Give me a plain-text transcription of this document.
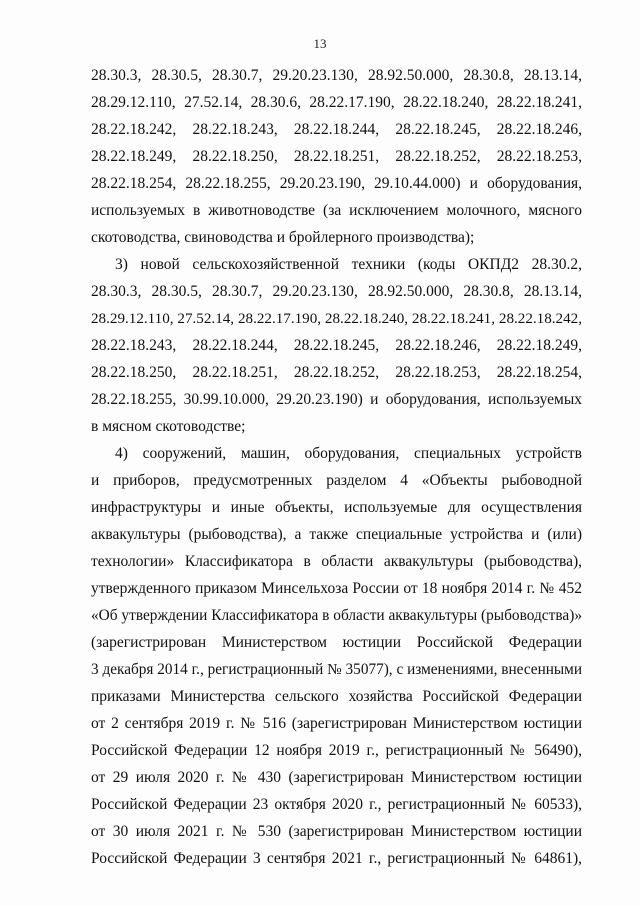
13
28.30.3, 28.30.5, 28.30.7, 29.20.23.130, 28.92.50.000, 28.30.8, 28.13.14,
28.29.12.110, 27.52.14, 28.30.6, 28.22.17.190, 28.22.18.240, 28.22.18.241,
28.22.18.242, 28.22.18.243, 28.22.18.244, 28.22.18.245, 28.22.18.246,
28.22.18.249, 28.22.18.250, 28.22.18.251, 28.22.18.252, 28.22.18.253,
28.22.18.254, 28.22.18.255, 29.20.23.190, 29.10.44.000) и оборудования,
используемых в животноводстве (за исключением молочного, мясного
скотоводства, свиноводства и бройлерного производства);
3) новой сельскохозяйственной техники (коды ОКПД2 28.30.2,
28.30.3, 28.30.5, 28.30.7, 29.20.23.130, 28.92.50.000, 28.30.8, 28.13.14,
28.29.12.110, 27.52.14, 28.22.17.190, 28.22.18.240, 28.22.18.241, 28.22.18.242,
28.22.18.243, 28.22.18.244, 28.22.18.245, 28.22.18.246, 28.22.18.249,
28.22.18.250, 28.22.18.251, 28.22.18.252, 28.22.18.253, 28.22.18.254,
28.22.18.255, 30.99.10.000, 29.20.23.190) и оборудования, используемых
в мясном скотоводстве;
4) сооружений, машин, оборудования, специальных устройств
и приборов, предусмотренных разделом 4 «Объекты рыбоводной
инфраструктуры и иные объекты, используемые для осуществления
аквакультуры (рыбоводства), а также специальные устройства и (или)
технологии» Классификатора в области аквакультуры (рыбоводства),
утвержденного приказом Минсельхоза России от 18 ноября 2014 г. № 452
«Об утверждении Классификатора в области аквакультуры (рыбоводства)»
(зарегистрирован Министерством юстиции Российской Федерации
3 декабря 2014 г., регистрационный № 35077), с изменениями, внесенными
приказами Министерства сельского хозяйства Российской Федерации
от 2 сентября 2019 г. № 516 (зарегистрирован Министерством юстиции
Российской Федерации 12 ноября 2019 г., регистрационный № 56490),
от 29 июля 2020 г. № 430 (зарегистрирован Министерством юстиции
Российской Федерации 23 октября 2020 г., регистрационный № 60533),
от 30 июля 2021 г. № 530 (зарегистрирован Министерством юстиции
Российской Федерации 3 сентября 2021 г., регистрационный № 64861),
